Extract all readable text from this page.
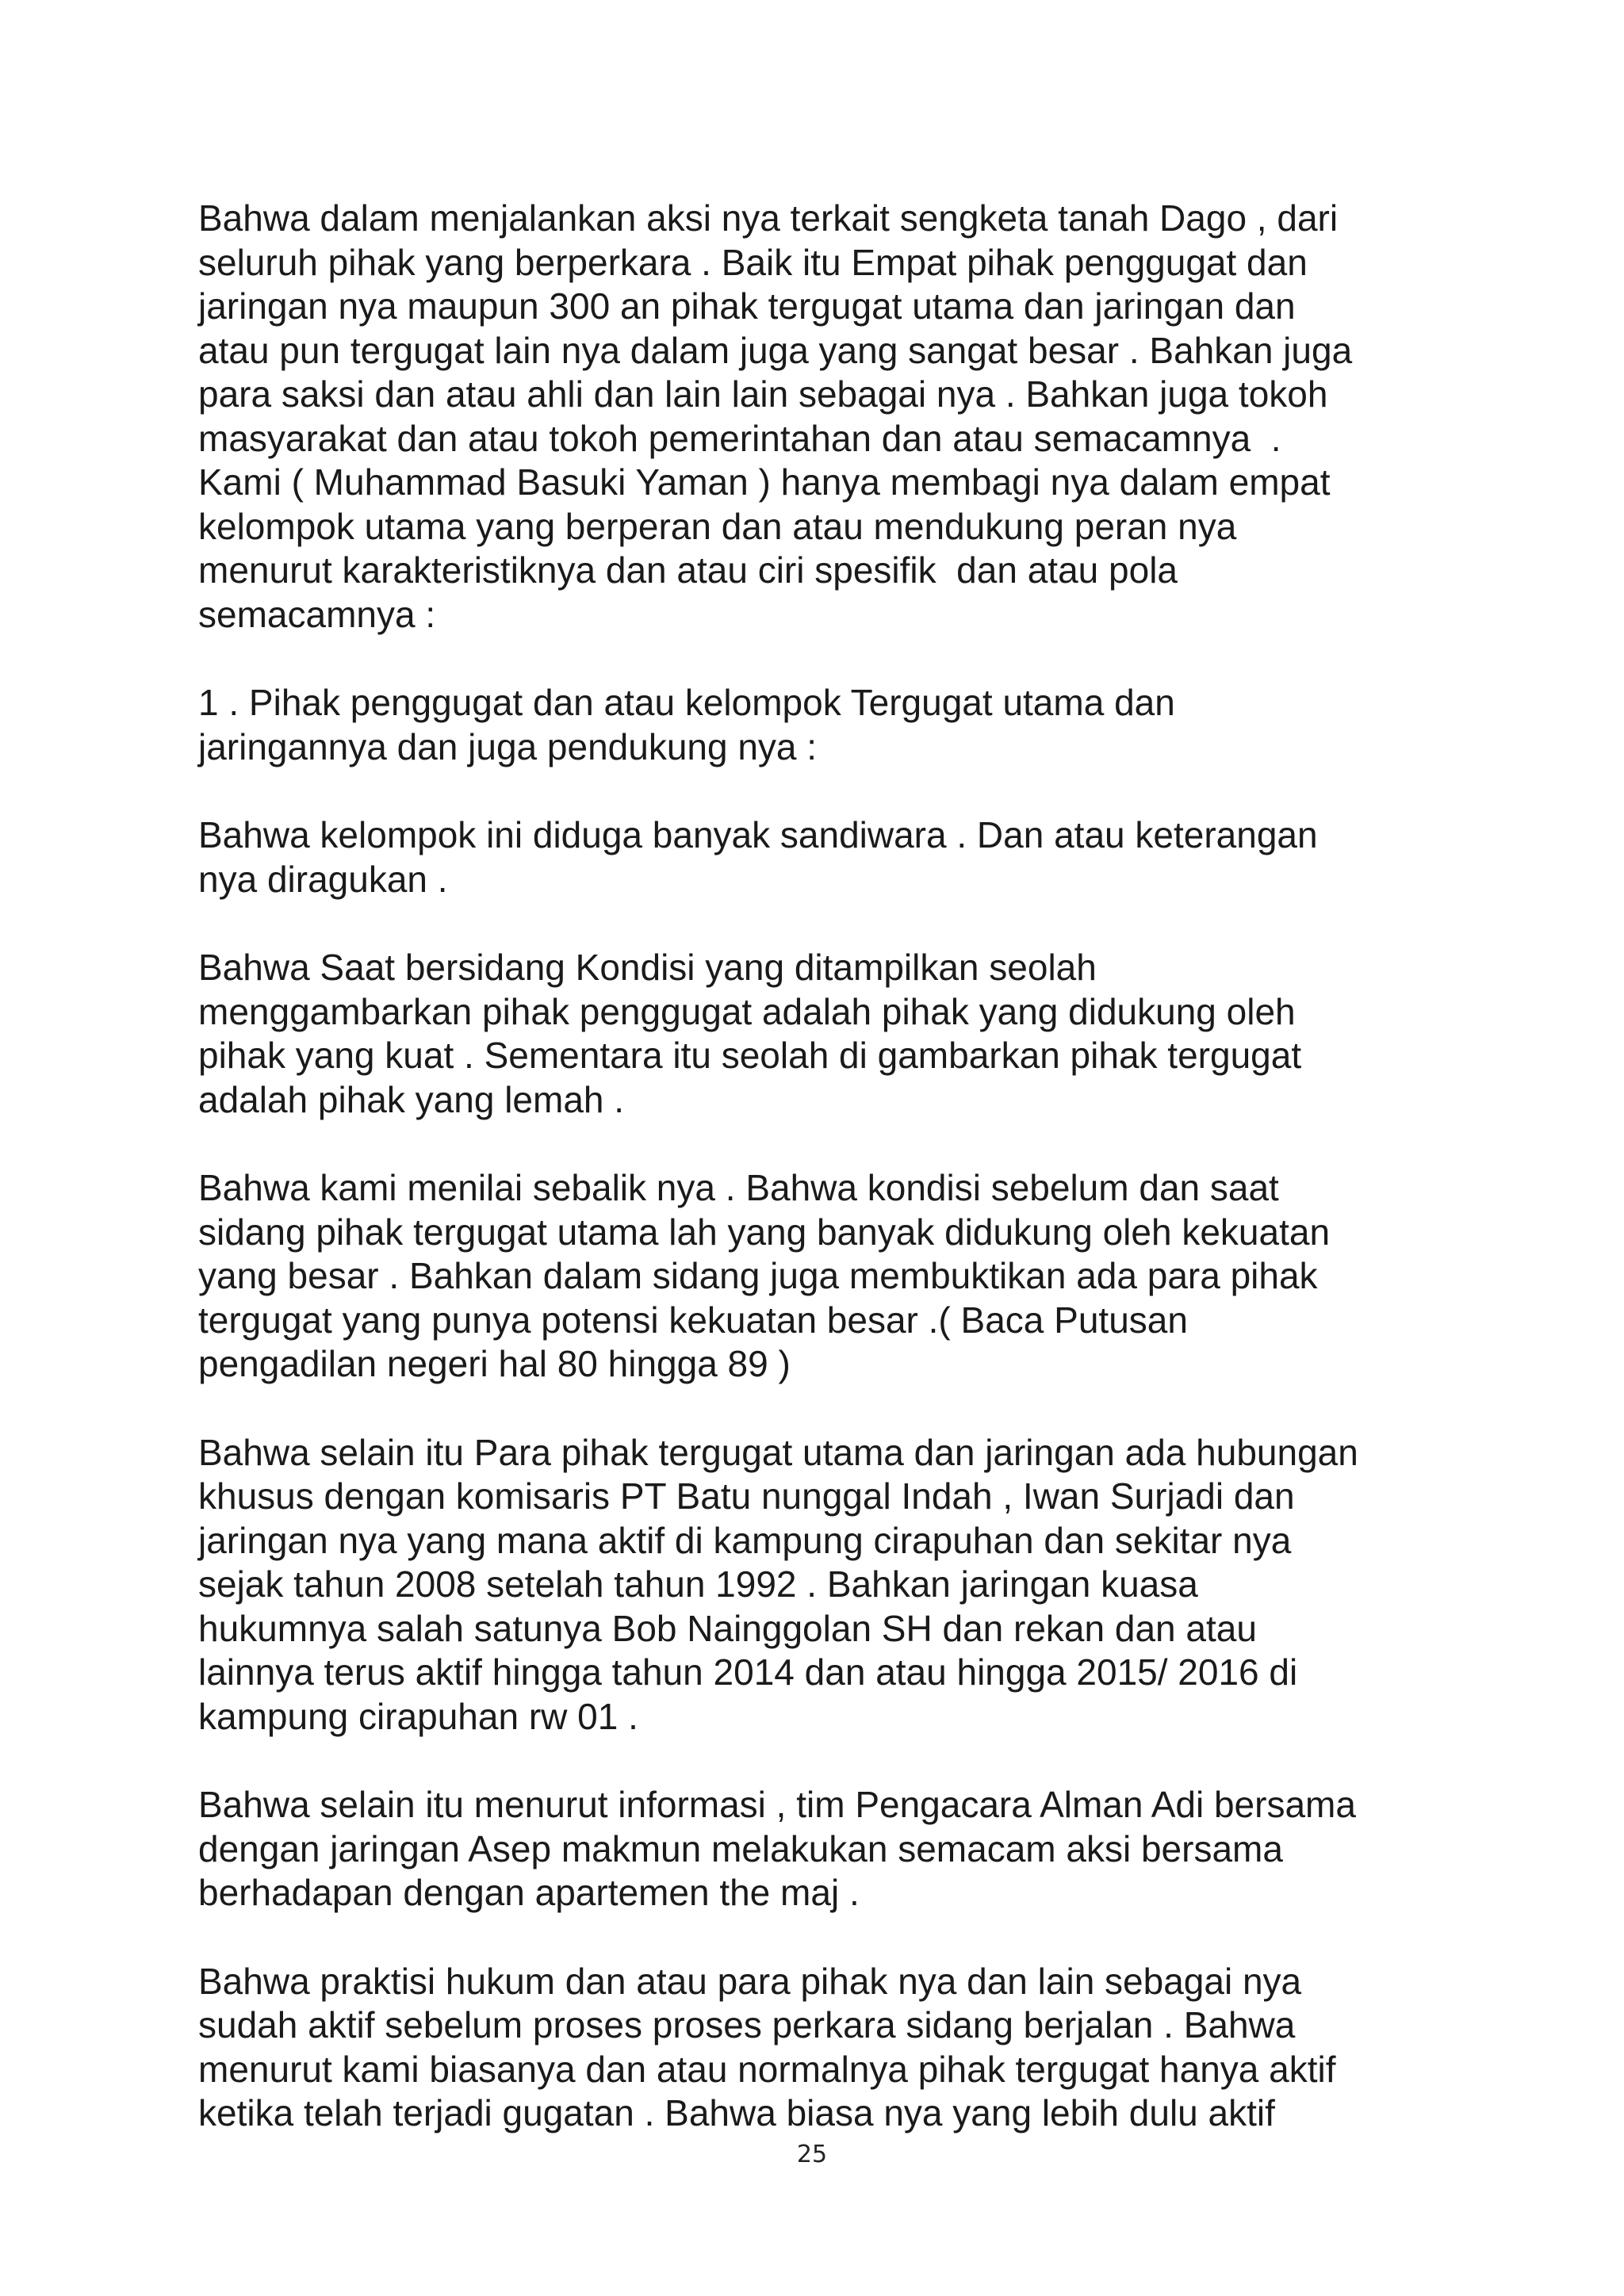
Bahwa dalam menjalankan aksi nya terkait sengketa tanah Dago , dari
seluruh pihak yang berperkara . Baik itu Empat pihak penggugat dan
jaringan nya maupun 300 an pihak tergugat utama dan jaringan dan
atau pun tergugat lain nya dalam juga yang sangat besar . Bahkan juga
para saksi dan atau ahli dan lain lain sebagai nya . Bahkan juga tokoh
masyarakat dan atau tokoh pemerintahan dan atau semacamnya  .
Kami ( Muhammad Basuki Yaman ) hanya membagi nya dalam empat
kelompok utama yang berperan dan atau mendukung peran nya
menurut karakteristiknya dan atau ciri spesifik  dan atau pola
semacamnya :

1 . Pihak penggugat dan atau kelompok Tergugat utama dan
jaringannya dan juga pendukung nya :

Bahwa kelompok ini diduga banyak sandiwara . Dan atau keterangan
nya diragukan .

Bahwa Saat bersidang Kondisi yang ditampilkan seolah
menggambarkan pihak penggugat adalah pihak yang didukung oleh
pihak yang kuat . Sementara itu seolah di gambarkan pihak tergugat
adalah pihak yang lemah .

Bahwa kami menilai sebalik nya . Bahwa kondisi sebelum dan saat
sidang pihak tergugat utama lah yang banyak didukung oleh kekuatan
yang besar . Bahkan dalam sidang juga membuktikan ada para pihak
tergugat yang punya potensi kekuatan besar .( Baca Putusan
pengadilan negeri hal 80 hingga 89 )

Bahwa selain itu Para pihak tergugat utama dan jaringan ada hubungan
khusus dengan komisaris PT Batu nunggal Indah , Iwan Surjadi dan
jaringan nya yang mana aktif di kampung cirapuhan dan sekitar nya
sejak tahun 2008 setelah tahun 1992 . Bahkan jaringan kuasa
hukumnya salah satunya Bob Nainggolan SH dan rekan dan atau
lainnya terus aktif hingga tahun 2014 dan atau hingga 2015/ 2016 di
kampung cirapuhan rw 01 .

Bahwa selain itu menurut informasi , tim Pengacara Alman Adi bersama
dengan jaringan Asep makmun melakukan semacam aksi bersama
berhadapan dengan apartemen the maj .

Bahwa praktisi hukum dan atau para pihak nya dan lain sebagai nya
sudah aktif sebelum proses proses perkara sidang berjalan . Bahwa
menurut kami biasanya dan atau normalnya pihak tergugat hanya aktif
ketika telah terjadi gugatan . Bahwa biasa nya yang lebih dulu aktif

25
